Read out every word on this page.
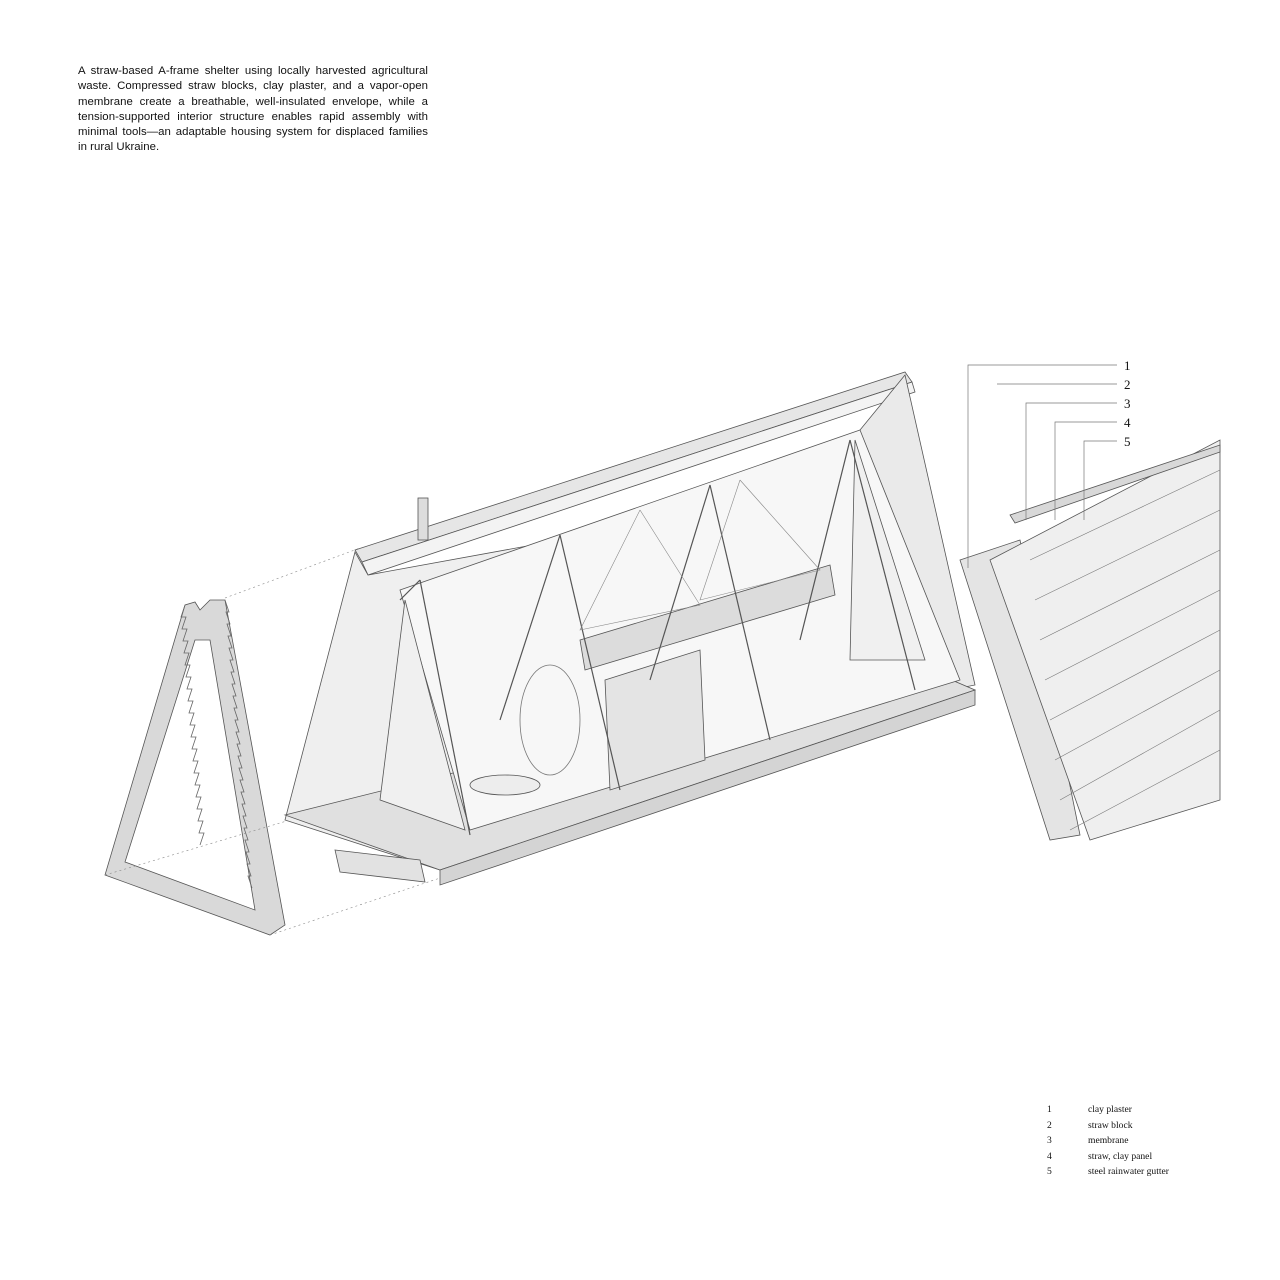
A straw-based A-frame shelter using locally harvested agricultural waste. Compressed straw blocks, clay plaster, and a vapor-open membrane create a breathable, well-insulated envelope, while a tension-supported interior structure enables rapid assembly with minimal tools—an adaptable housing system for displaced families in rural Ukraine.

1
2
3
4
5
1	clay plaster
2	straw block
3	membrane
4	straw, clay panel
5	steel rainwater gutter
